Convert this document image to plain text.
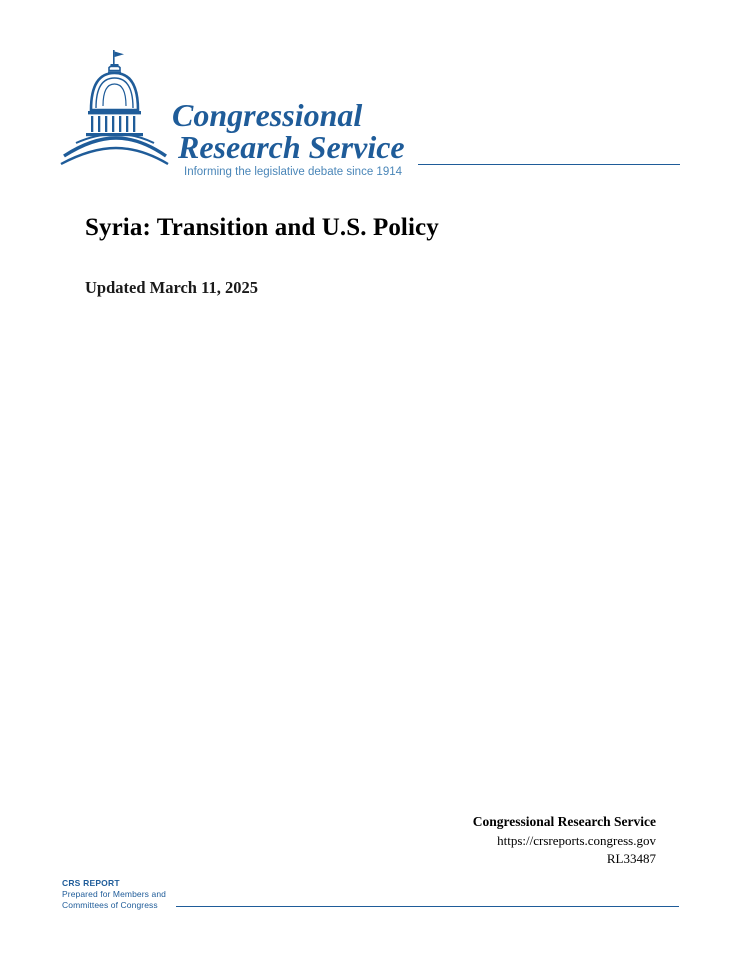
Congressional
Research Service
Informing the legislative debate since 1914
Syria: Transition and U.S. Policy
Updated March 11, 2025
Congressional Research Service
https://crsreports.congress.gov
RL33487
CRS REPORT
Prepared for Members and
Committees of Congress
